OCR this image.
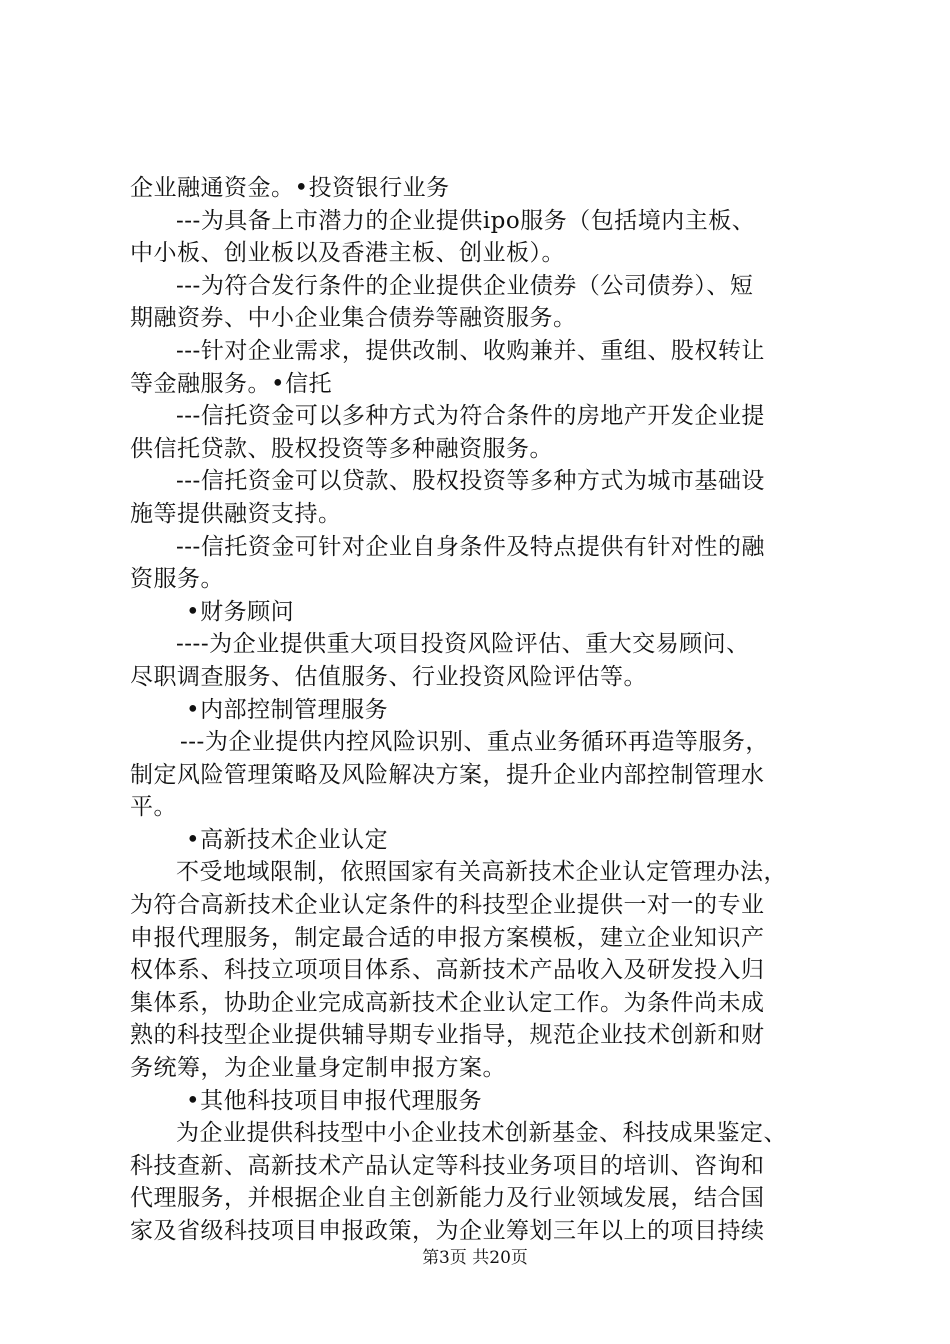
企业融通资金。•投资银行业务
---为具备上市潜力的企业提供ipo服务（包括境内主板、
中小板、创业板以及香港主板、创业板）。
---为符合发行条件的企业提供企业债券（公司债券）、短
期融资券、中小企业集合债券等融资服务。
---针对企业需求，提供改制、收购兼并、重组、股权转让
等金融服务。•信托
---信托资金可以多种方式为符合条件的房地产开发企业提
供信托贷款、股权投资等多种融资服务。
---信托资金可以贷款、股权投资等多种方式为城市基础设
施等提供融资支持。
---信托资金可针对企业自身条件及特点提供有针对性的融
资服务。
•财务顾问
----为企业提供重大项目投资风险评估、重大交易顾问、
尽职调查服务、估值服务、行业投资风险评估等。
•内部控制管理服务
---为企业提供内控风险识别、重点业务循环再造等服务，
制定风险管理策略及风险解决方案，提升企业内部控制管理水
平。
•高新技术企业认定
不受地域限制，依照国家有关高新技术企业认定管理办法，
为符合高新技术企业认定条件的科技型企业提供一对一的专业
申报代理服务，制定最合适的申报方案模板，建立企业知识产
权体系、科技立项项目体系、高新技术产品收入及研发投入归
集体系，协助企业完成高新技术企业认定工作。为条件尚未成
熟的科技型企业提供辅导期专业指导，规范企业技术创新和财
务统筹，为企业量身定制申报方案。
•其他科技项目申报代理服务
为企业提供科技型中小企业技术创新基金、科技成果鉴定、
科技查新、高新技术产品认定等科技业务项目的培训、咨询和
代理服务，并根据企业自主创新能力及行业领域发展，结合国
家及省级科技项目申报政策，为企业筹划三年以上的项目持续
第3页 共20页
